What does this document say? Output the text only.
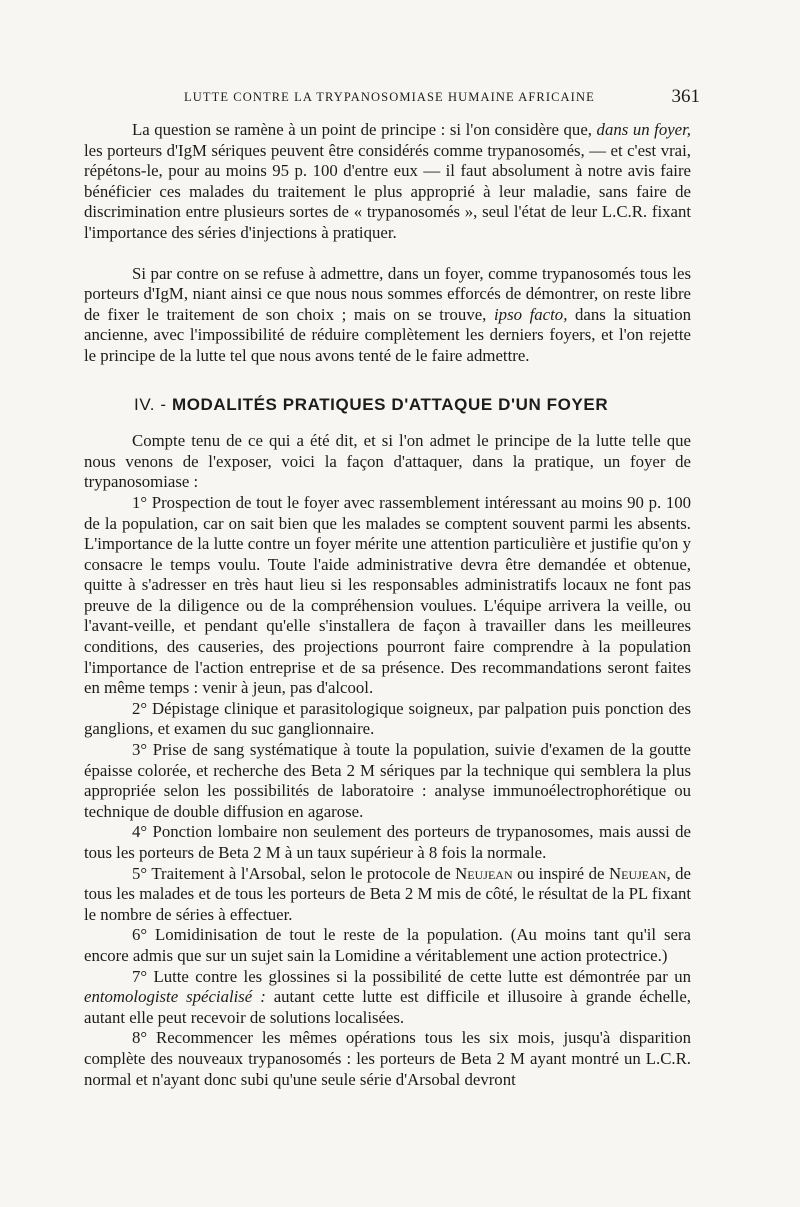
LUTTE CONTRE LA TRYPANOSOMIASE HUMAINE AFRICAINE	361

La question se ramène à un point de principe : si l'on considère que, dans un foyer, les porteurs d'IgM sériques peuvent être considérés comme trypanosomés, — et c'est vrai, répétons-le, pour au moins 95 p. 100 d'entre eux — il faut absolument à notre avis faire bénéficier ces malades du traitement le plus approprié à leur maladie, sans faire de discrimination entre plusieurs sortes de « trypanosomés », seul l'état de leur L.C.R. fixant l'importance des séries d'injections à pratiquer.

Si par contre on se refuse à admettre, dans un foyer, comme trypanosomés tous les porteurs d'IgM, niant ainsi ce que nous nous sommes efforcés de démontrer, on reste libre de fixer le traitement de son choix ; mais on se trouve, ipso facto, dans la situation ancienne, avec l'impossibilité de réduire complètement les derniers foyers, et l'on rejette le principe de la lutte tel que nous avons tenté de le faire admettre.

IV. - MODALITÉS PRATIQUES D'ATTAQUE D'UN FOYER

Compte tenu de ce qui a été dit, et si l'on admet le principe de la lutte telle que nous venons de l'exposer, voici la façon d'attaquer, dans la pratique, un foyer de trypanosomiase :

1° Prospection de tout le foyer avec rassemblement intéressant au moins 90 p. 100 de la population, car on sait bien que les malades se comptent souvent parmi les absents. L'importance de la lutte contre un foyer mérite une attention particulière et justifie qu'on y consacre le temps voulu. Toute l'aide administrative devra être demandée et obtenue, quitte à s'adresser en très haut lieu si les responsables administratifs locaux ne font pas preuve de la diligence ou de la compréhension voulues. L'équipe arrivera la veille, ou l'avant-veille, et pendant qu'elle s'installera de façon à travailler dans les meilleures conditions, des causeries, des projections pourront faire comprendre à la population l'importance de l'action entreprise et de sa présence. Des recommandations seront faites en même temps : venir à jeun, pas d'alcool.

2° Dépistage clinique et parasitologique soigneux, par palpation puis ponction des ganglions, et examen du suc ganglionnaire.

3° Prise de sang systématique à toute la population, suivie d'examen de la goutte épaisse colorée, et recherche des Beta 2 M sériques par la technique qui semblera la plus appropriée selon les possibilités de laboratoire : analyse immunoélectrophorétique ou technique de double diffusion en agarose.

4° Ponction lombaire non seulement des porteurs de trypanosomes, mais aussi de tous les porteurs de Beta 2 M à un taux supérieur à 8 fois la normale.

5° Traitement à l'Arsobal, selon le protocole de Neujean ou inspiré de Neujean, de tous les malades et de tous les porteurs de Beta 2 M mis de côté, le résultat de la PL fixant le nombre de séries à effectuer.

6° Lomidinisation de tout le reste de la population. (Au moins tant qu'il sera encore admis que sur un sujet sain la Lomidine a véritablement une action protectrice.)

7° Lutte contre les glossines si la possibilité de cette lutte est démontrée par un entomologiste spécialisé : autant cette lutte est difficile et illusoire à grande échelle, autant elle peut recevoir de solutions localisées.

8° Recommencer les mêmes opérations tous les six mois, jusqu'à disparition complète des nouveaux trypanosomés : les porteurs de Beta 2 M ayant montré un L.C.R. normal et n'ayant donc subi qu'une seule série d'Arsobal devront
